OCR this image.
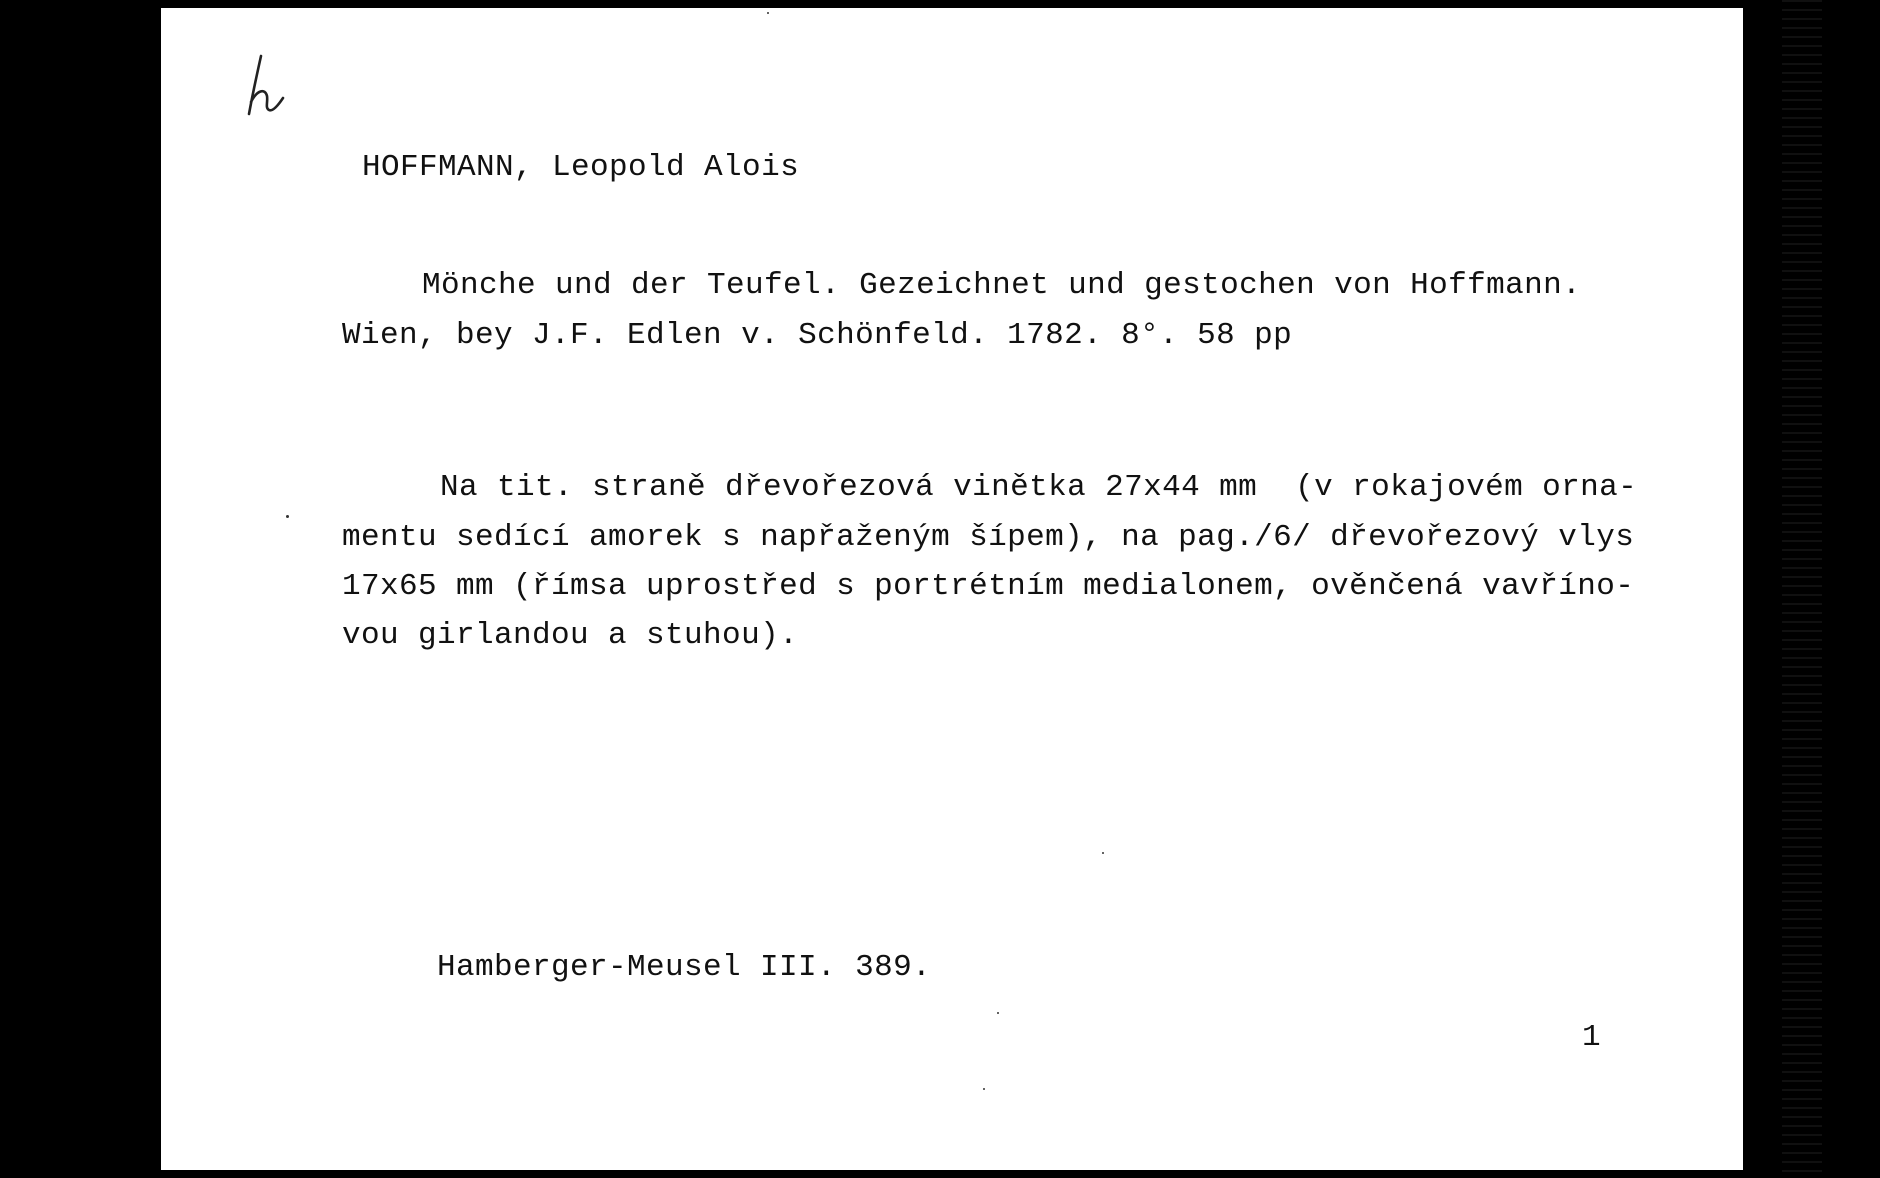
HOFFMANN, Leopold Alois
Mönche und der Teufel. Gezeichnet und gestochen von Hoffmann.
Wien, bey J.F. Edlen v. Schönfeld. 1782. 8°. 58 pp
Na tit. straně dřevořezová vinětka 27x44 mm  (v rokajovém orna-
mentu sedící amorek s napřaženým šípem), na pag./6/ dřevořezový vlys
17x65 mm (římsa uprostřed s portrétním medialonem, ověnčená vavříno-
vou girlandou a stuhou).
Hamberger-Meusel III. 389.
1
